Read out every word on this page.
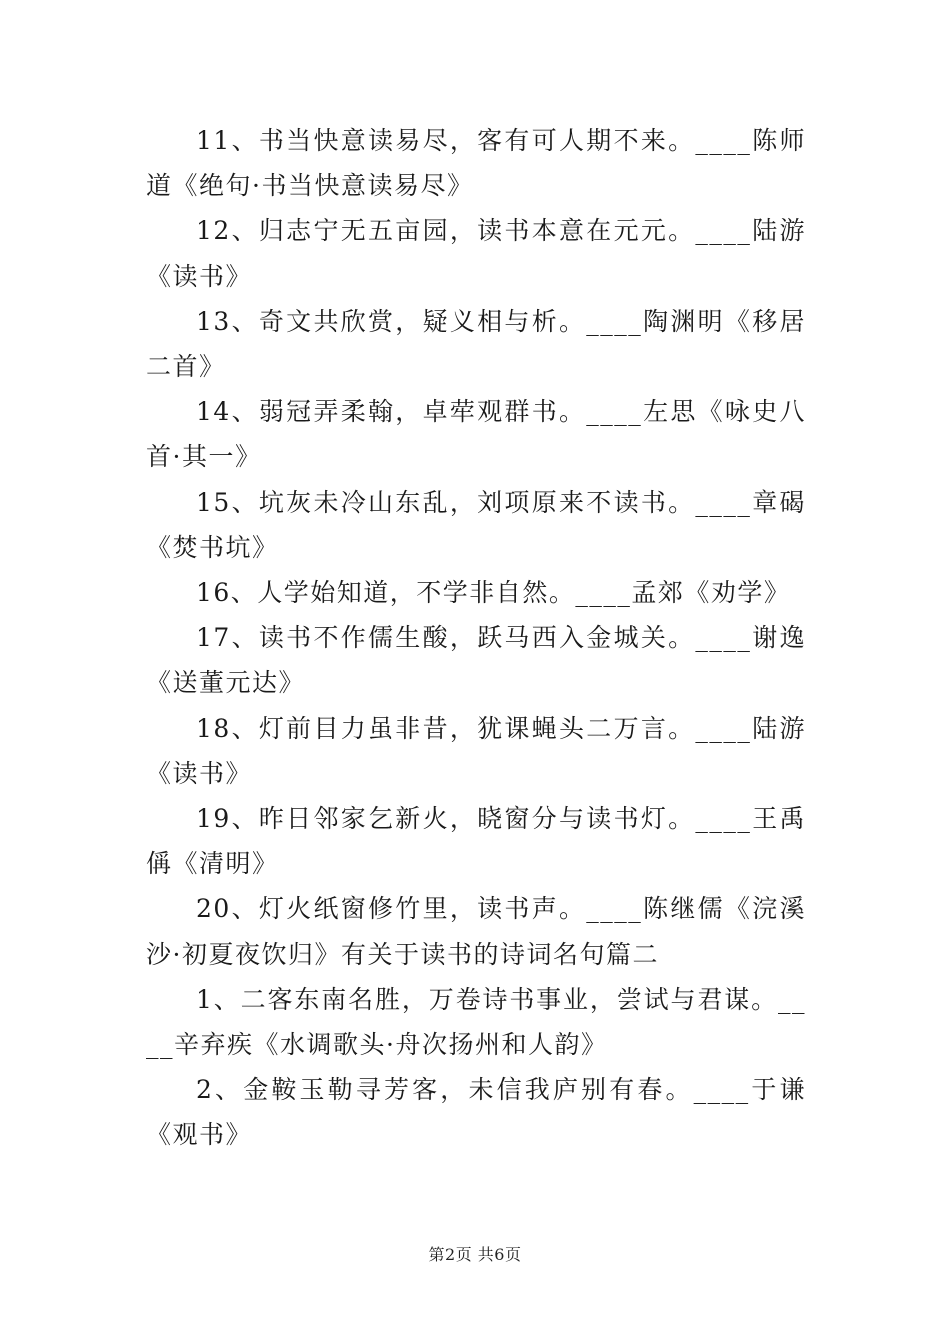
11、书当快意读易尽，客有可人期不来。____陈师道《绝句·书当快意读易尽》

12、归志宁无五亩园，读书本意在元元。____陆游《读书》

13、奇文共欣赏，疑义相与析。____陶渊明《移居二首》

14、弱冠弄柔翰，卓荦观群书。____左思《咏史八首·其一》

15、坑灰未冷山东乱，刘项原来不读书。____章碣《焚书坑》

16、人学始知道，不学非自然。____孟郊《劝学》

17、读书不作儒生酸，跃马西入金城关。____谢逸《送董元达》

18、灯前目力虽非昔，犹课蝇头二万言。____陆游《读书》

19、昨日邻家乞新火，晓窗分与读书灯。____王禹偁《清明》

20、灯火纸窗修竹里，读书声。____陈继儒《浣溪沙·初夏夜饮归》有关于读书的诗词名句篇二

1、二客东南名胜，万卷诗书事业，尝试与君谋。____辛弃疾《水调歌头·舟次扬州和人韵》

2、金鞍玉勒寻芳客，未信我庐别有春。____于谦《观书》

第2页 共6页
